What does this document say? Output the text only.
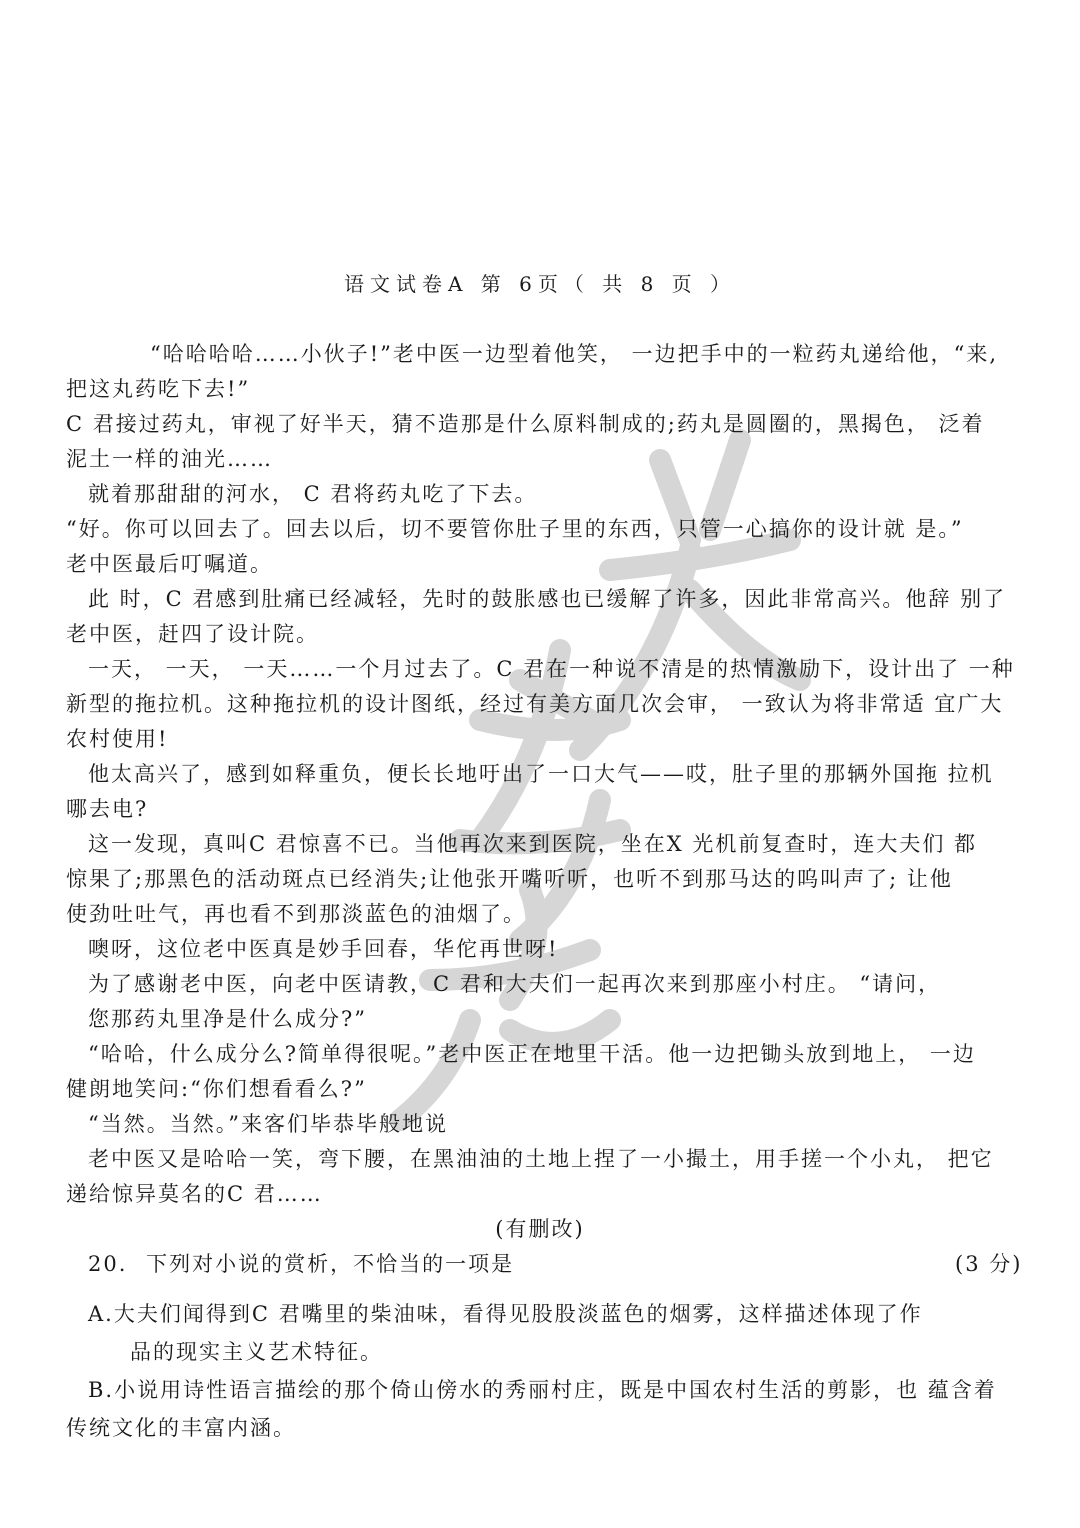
语文试卷A 第 6页（ 共 8 页 ）
“哈哈哈哈……小伙子!”老中医一边型着他笑， 一边把手中的一粒药丸递给他，“来,
把这丸药吃下去!”
C 君接过药丸，审视了好半天，猜不造那是什么原料制成的;药丸是圆圈的，黑揭色， 泛着
泥土一样的油光……
就着那甜甜的河水， C 君将药丸吃了下去。
“好。你可以回去了。回去以后，切不要管你肚子里的东西，只管一心搞你的设计就 是。”
老中医最后叮嘱道。
此 时，C 君感到肚痛已经减轻，先时的鼓胀感也已缓解了许多，因此非常高兴。他辞 别了
老中医，赶四了设计院。
一天， 一天， 一天……一个月过去了。C 君在一种说不清是的热情激励下，设计出了 一种
新型的拖拉机。这种拖拉机的设计图纸，经过有美方面几次会审， 一致认为将非常适 宜广大
农村使用!
他太高兴了，感到如释重负，便长长地吁出了一口大气——哎，肚子里的那辆外国拖 拉机
哪去电?
这一发现，真叫C 君惊喜不已。当他再次来到医院，坐在X 光机前复查时，连大夫们 都
惊果了;那黑色的活动斑点已经消失;让他张开嘴听听，也听不到那马达的呜叫声了; 让他
使劲吐吐气，再也看不到那淡蓝色的油烟了。
噢呀，这位老中医真是妙手回春，华佗再世呀!
为了感谢老中医，向老中医请教，C 君和大夫们一起再次来到那座小村庄。 “请问，
您那药丸里净是什么成分?”
“哈哈，什么成分么?简单得很呢。”老中医正在地里干活。他一边把锄头放到地上， 一边
健朗地笑问:“你们想看看么?”
“当然。当然。”来客们毕恭毕般地说
老中医又是哈哈一笑，弯下腰，在黑油油的土地上捏了一小撮土，用手搓一个小丸， 把它
递给惊异莫名的C 君……
(有删改)
20. 下列对小说的赏析，不恰当的一项是	(3 分)
A.大夫们闻得到C 君嘴里的柴油味，看得见股股淡蓝色的烟雾，这样描述体现了作
品的现实主义艺术特征。
B.小说用诗性语言描绘的那个倚山傍水的秀丽村庄，既是中国农村生活的剪影，也 蕴含着
传统文化的丰富内涵。
